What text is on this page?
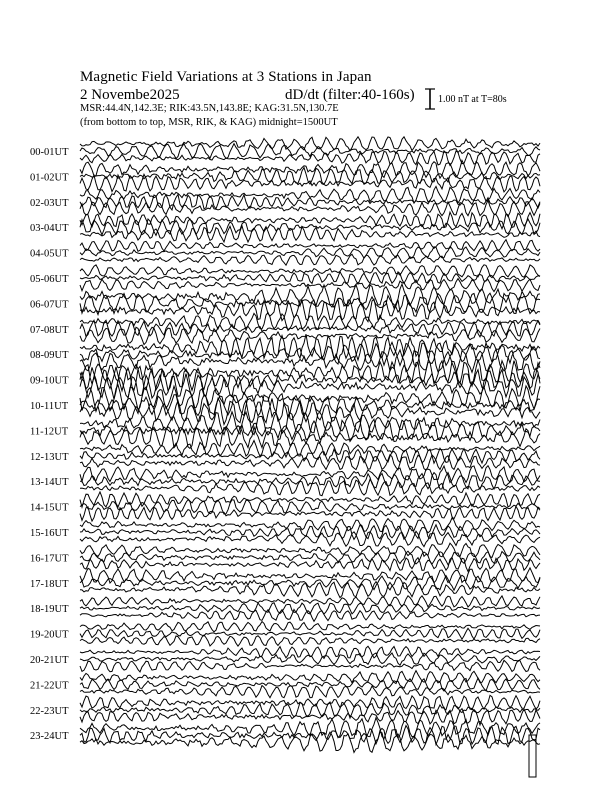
Magnetic Field Variations at 3 Stations in Japan
2 Novembe2025	dD/dt (filter:40-160s)
MSR:44.4N,142.3E; RIK:43.5N,143.8E; KAG:31.5N,130.7E
(from bottom to top, MSR, RIK, & KAG) midnight=1500UT
1.00 nT at T=80s
00-01UT
01-02UT
02-03UT
03-04UT
04-05UT
05-06UT
06-07UT
07-08UT
08-09UT
09-10UT
10-11UT
11-12UT
12-13UT
13-14UT
14-15UT
15-16UT
16-17UT
17-18UT
18-19UT
19-20UT
20-21UT
21-22UT
22-23UT
23-24UT
